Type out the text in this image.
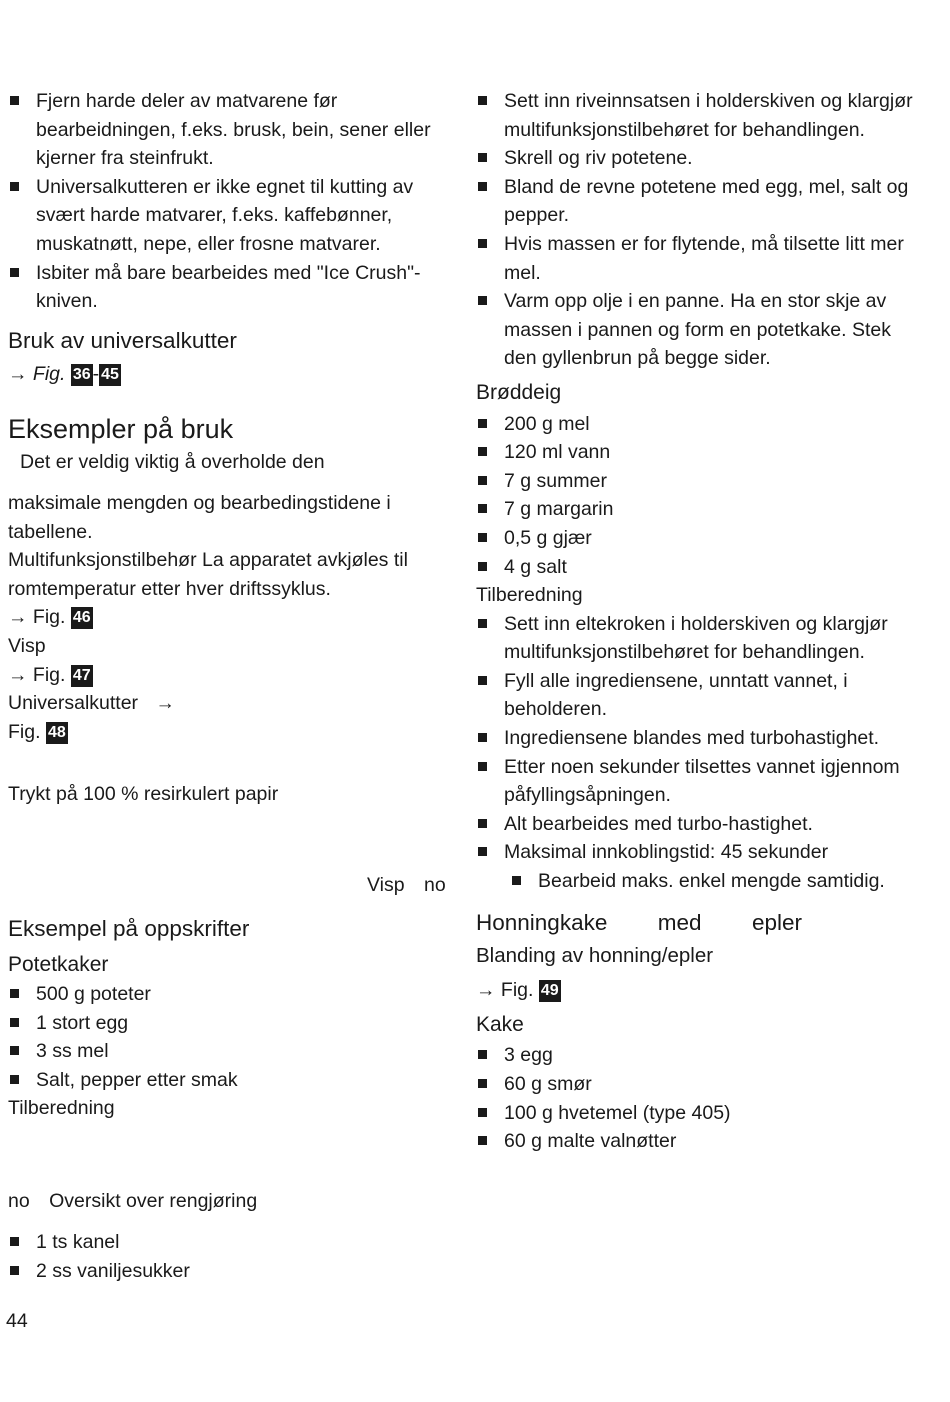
Fjern harde deler av matvarene før bearbeidningen, f.eks. brusk, bein, sener eller kjerner fra steinfrukt.
Universalkutteren er ikke egnet til kutting av svært harde matvarer, f.eks. kaffebønner, muskatnøtt, nepe, eller frosne matvarer.
Isbiter må bare bearbeides med "Ice Crush"-kniven.
Bruk av universalkutter
→ Fig. 36 - 45
Eksempler på bruk
Det er veldig viktig å overholde den
maksimale mengden og bearbedingstidene i tabellene.
Multifunksjonstilbehør La apparatet avkjøles til romtemperatur etter hver driftssyklus.
→ Fig. 46
Visp
→ Fig. 47
Universalkutter →
Fig. 48
Trykt på 100 % resirkulert papir
Visp no
Eksempel på oppskrifter
Potetkaker
500 g poteter
1 stort egg
3 ss mel
Salt, pepper etter smak
Tilberedning
no Oversikt over rengjøring
1 ts kanel
2 ss vaniljesukker
44
Sett inn riveinnsatsen i holderskiven og klargjør multifunksjonstilbehøret for behandlingen.
Skrell og riv potetene.
Bland de revne potetene med egg, mel, salt og pepper.
Hvis massen er for flytende, må tilsette litt mer mel.
Varm opp olje i en panne. Ha en stor skje av massen i pannen og form en potetkake. Stek den gyllenbrun på begge sider.
Brøddeig
200 g mel
120 ml vann
7 g summer
7 g margarin
0,5 g gjær
4 g salt
Tilberedning
Sett inn eltekroken i holderskiven og klargjør multifunksjonstilbehøret for behandlingen.
Fyll alle ingrediensene, unntatt vannet, i beholderen.
Ingrediensene blandes med turbohastighet.
Etter noen sekunder tilsettes vannet igjennom påfyllingsåpningen.
Alt bearbeides med turbo-hastighet.
Maksimal innkoblingstid: 45 sekunder
Bearbeid maks. enkel mengde samtidig.
Honningkake med epler
Blanding av honning/epler
→ Fig. 49
Kake
3 egg
60 g smør
100 g hvetemel (type 405)
60 g malte valnøtter
